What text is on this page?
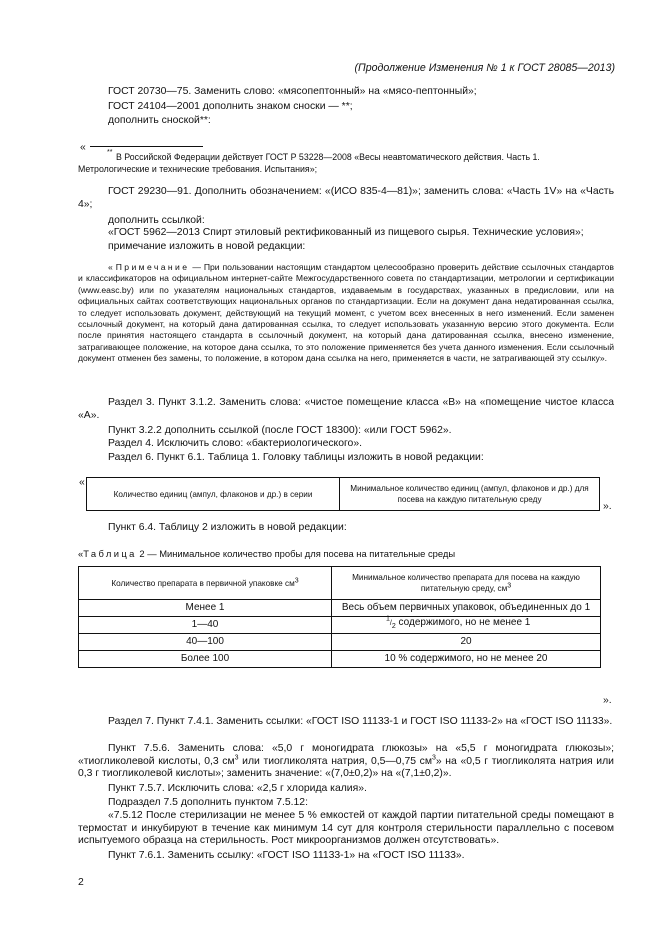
(Продолжение Изменения № 1 к ГОСТ 28085—2013)
ГОСТ 20730—75. Заменить слово: «мясопептонный» на «мясо-пептонный»;
ГОСТ 24104—2001 дополнить знаком сноски — **;
дополнить сноской**:
«	** В Российской Федерации действует ГОСТ Р 53228—2008 «Весы неавтоматического действия. Часть 1.
Метрологические и технические требования. Испытания»;
ГОСТ 29230—91. Дополнить обозначением: «(ИСО 835-4—81)»; заменить слова: «Часть 1V» на «Часть 4»;
дополнить ссылкой:
«ГОСТ 5962—2013 Спирт этиловый ректификованный из пищевого сырья. Технические условия»;
примечание изложить в новой редакции:
« Примечание — При пользовании настоящим стандартом целесообразно проверить действие ссылочных стандартов и классификаторов на официальном интернет-сайте Межгосударственного совета по стандартизации, метрологии и сертификации (www.easc.by) или по указателям национальных стандартов, издаваемым в государствах, указанных в предисловии, или на официальных сайтах соответствующих национальных органов по стандартизации. Если на документ дана недатированная ссылка, то следует использовать документ, действующий на текущий момент, с учетом всех внесенных в него изменений. Если заменен ссылочный документ, на который дана датированная ссылка, то следует использовать указанную версию этого документа. Если после принятия настоящего стандарта в ссылочный документ, на который дана датированная ссылка, внесено изменение, затрагивающее положение, на которое дана ссылка, то это положение применяется без учета данного изменения. Если ссылочный документ отменен без замены, то положение, в котором дана ссылка на него, применяется в части, не затрагивающей эту ссылку».
Раздел 3. Пункт 3.1.2. Заменить слова: «чистое помещение класса «В» на «помещение чистое класса «А».
Пункт 3.2.2 дополнить ссылкой (после ГОСТ 18300): «или ГОСТ 5962».
Раздел 4. Исключить слово: «бактериологического».
Раздел 6. Пункт 6.1. Таблица 1. Головку таблицы изложить в новой редакции:
«
Количество единиц (ампул, флаконов и др.) в серии	Минимальное количество единиц (ампул, флаконов и др.) для посева на каждую питательную среду
».
Пункт 6.4. Таблицу 2 изложить в новой редакции:
«Таблица 2 — Минимальное количество пробы для посева на питательные среды
Количество препарата в первичной упаковке $см^3$	Минимальное количество препарата для посева на каждую питательную среду, $см^3$
Менее 1	Весь объем первичных упаковок, объединенных до 1
1—40	$^1/_2$ содержимого, но не менее 1
40—100	20
Более 100	10 % содержимого, но не менее 20
».
Раздел 7. Пункт 7.4.1. Заменить ссылки: «ГОСТ ISO 11133-1 и ГОСТ ISO 11133-2» на «ГОСТ ISO 11133».
Пункт 7.5.6. Заменить слова: «5,0 г моногидрата глюкозы» на «5,5 г моногидрата глюкозы»; «тиогликолевой кислоты, 0,3 $см^3$ или тиогликолята натрия, 0,5—0,75 $см^3$» на «0,5 г тиогликолята натрия или 0,3 г тиогликолевой кислоты»; заменить значение: «(7,0±0,2)» на «(7,1±0,2)».
Пункт 7.5.7. Исключить слова: «2,5 г хлорида калия».
Подраздел 7.5 дополнить пунктом 7.5.12:
«7.5.12 После стерилизации не менее 5 % емкостей от каждой партии питательной среды помещают в термостат и инкубируют в течение как минимум 14 сут для контроля стерильности параллельно с посевом испытуемого образца на стерильность. Рост микроорганизмов должен отсутствовать».
Пункт 7.6.1. Заменить ссылку: «ГОСТ ISO 11133-1» на «ГОСТ ISO 11133».
2
